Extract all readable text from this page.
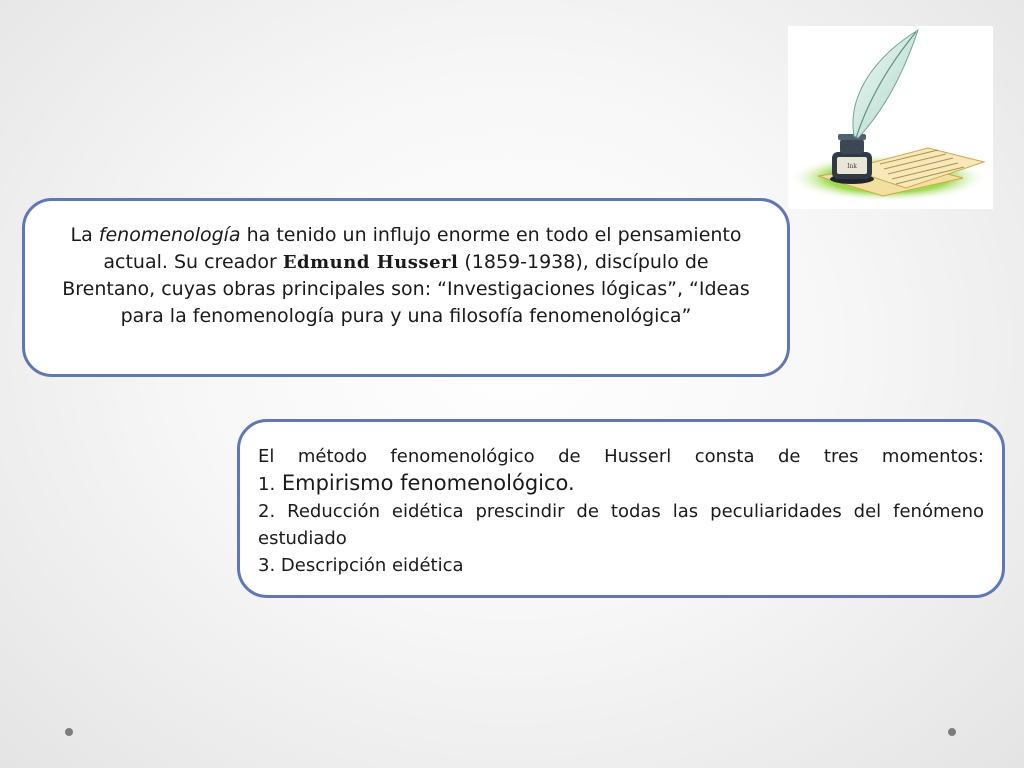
Ink
La fenomenología ha tenido un influjo enorme en todo el pensamiento actual. Su creador Edmund Husserl (1859-1938), discípulo de Brentano, cuyas obras principales son: “Investigaciones lógicas”, “Ideas para la fenomenología pura y una filosofía fenomenológica”
El método fenomenológico de Husserl consta de tres momentos:
1. Empirismo fenomenológico.
2. Reducción eidética prescindir de todas las peculiaridades del fenómeno estudiado
3. Descripción eidética
